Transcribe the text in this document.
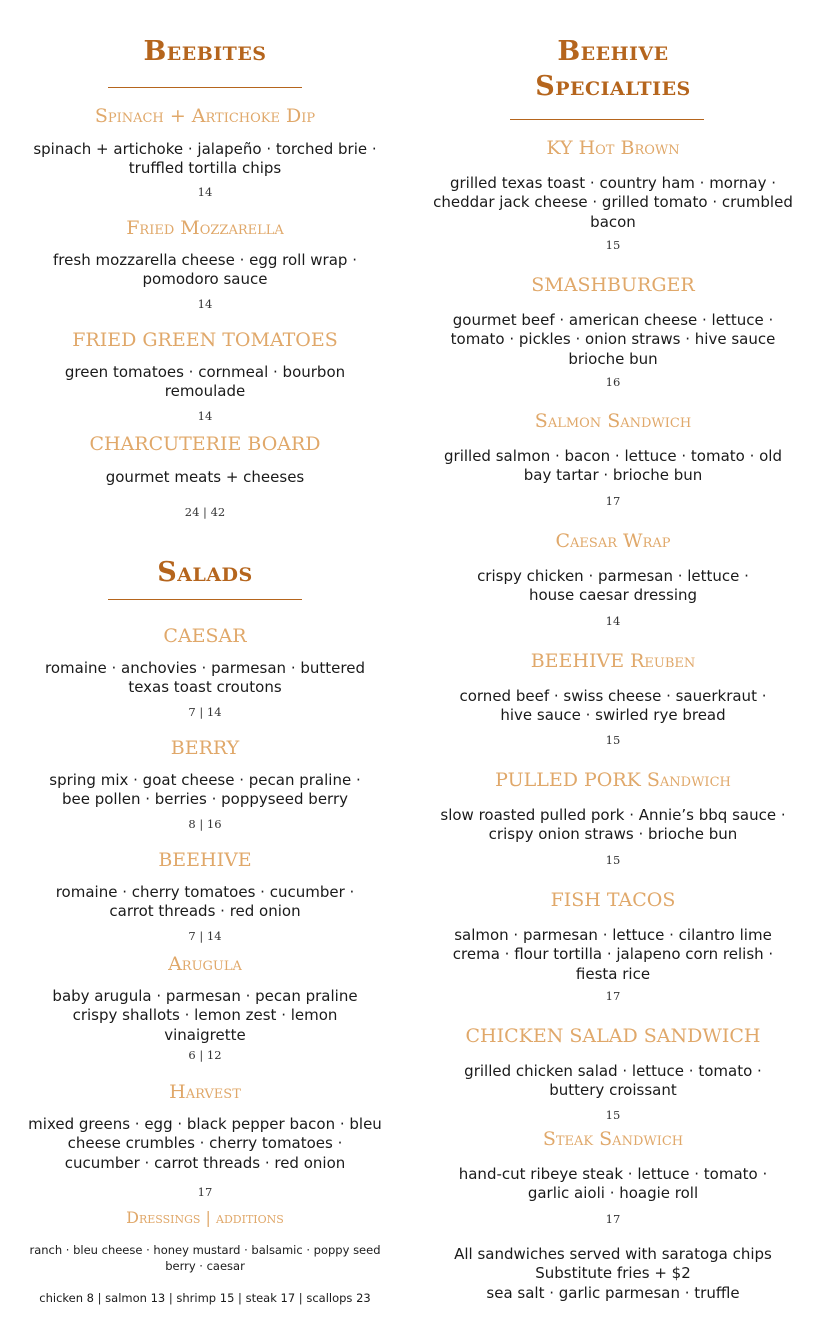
Beebites
Spinach + Artichoke Dip
spinach + artichoke · jalapeño · torched brie · truffled tortilla chips
14
Fried Mozzarella
fresh mozzarella cheese · egg roll wrap · pomodoro sauce
14
FRIED GREEN TOMATOES
green tomatoes · cornmeal · bourbon remoulade
14
CHARCUTERIE BOARD
gourmet meats + cheeses
24 | 42
Salads
CAESAR
romaine · anchovies · parmesan · buttered texas toast croutons
7 | 14
BERRY
spring mix · goat cheese · pecan praline · bee pollen · berries · poppyseed berry
8 | 16
BEEHIVE
romaine · cherry tomatoes · cucumber · carrot threads · red onion
7 | 14
Arugula
baby arugula · parmesan · pecan praline crispy shallots · lemon zest · lemon vinaigrette
6 | 12
Harvest
mixed greens · egg · black pepper bacon · bleu cheese crumbles · cherry tomatoes · cucumber · carrot threads · red onion
17
Dressings | additions
ranch · bleu cheese · honey mustard · balsamic · poppy seed berry · caesar
chicken 8 | salmon 13 | shrimp 15 | steak 17 | scallops 23
Beehive Specialties
KY Hot Brown
grilled texas toast · country ham · mornay · cheddar jack cheese · grilled tomato · crumbled bacon
15
SMASHBURGER
gourmet beef · american cheese · lettuce · tomato · pickles · onion straws · hive sauce brioche bun
16
Salmon Sandwich
grilled salmon · bacon · lettuce · tomato · old bay tartar · brioche bun
17
Caesar Wrap
crispy chicken · parmesan · lettuce · house caesar dressing
14
BEEHIVE Reuben
corned beef · swiss cheese · sauerkraut · hive sauce · swirled rye bread
15
PULLED PORK Sandwich
slow roasted pulled pork · Annie’s bbq sauce · crispy onion straws · brioche bun
15
FISH TACOS
salmon · parmesan · lettuce · cilantro lime crema · flour tortilla · jalapeno corn relish · fiesta rice
17
CHICKEN SALAD SANDWICH
grilled chicken salad · lettuce · tomato · buttery croissant
15
Steak Sandwich
hand-cut ribeye steak · lettuce · tomato · garlic aioli · hoagie roll
17
All sandwiches served with saratoga chips
Substitute fries + $2
sea salt · garlic parmesan · truffle
